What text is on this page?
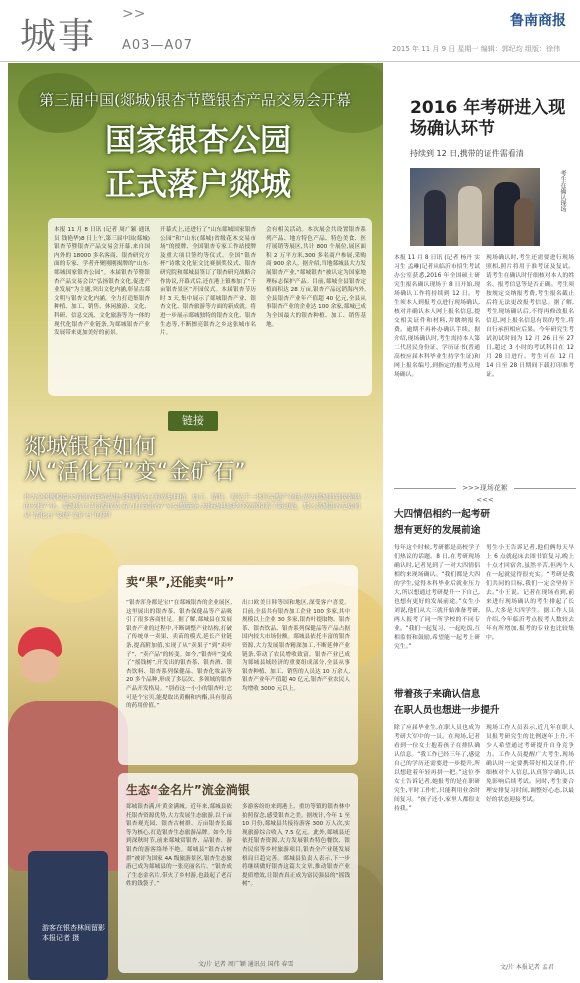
城事
>>
A03—A07
鲁南商报
2015 年 11 月 9 日 星期一 编辑：郭纪均 组版：徐伟
第三届中国(郯城)银杏节暨银杏产品交易会开幕
国家银杏公园
正式落户郯城
本报 11 月 8 日讯 (记者 周广颖 通讯员 钱艳华)8 日上午,第三届中国(郯城)银杏节暨银杏产品交易会开幕,来自国内外的 18000 多名客商、银杏研究方面的专家、学者齐聚刚刚揭牌的“山东·郯城国家银杏公园”。本届银杏节暨银杏产品交易会以“弘扬银杏文化,促进产业发展”为主题,突出文化内涵,彰显古郯文明与银杏文化内涵。全力打造集银杏种植、加工、销售、休闲旅游、文化、科研、信息交流、文化旅游等为一体的现代化银杏产业链条,为郯城银杏产业发展带来更加美好的前景。
开幕式上,还进行了“山东郯城国家银杏公园”和“山东(郯城)省级花木交易市场”的授牌、全国银杏专家工作站授牌及重大项目签约等仪式。全国“银杏杯”诗歌文化征文比赛颁奖仪式、银杏研究院和郯城县签订了银杏研究战略合作协议,开幕式后,还在港上镇参加了“千亩银杏景区”开园仪式。本届银杏节历时 3 天,集中展示了郯城银杏产业、银杏文化、银杏旅游等方面的新成就。将进一步展示郯城独特的银杏文化、银杏生态等,不断擦亮银杏之乡这张城市名片。
会有相关活动。本次展会共设置银杏系列产品、地方特色产品、特色美食、医疗展销等展区,共计 800 个展位,展区面积 2 万平方米,300 多名商户参展,采购商 900 余人。据介绍,当地郯城县大力发展银杏产业,“郯城银杏”被认定为国家地理标志保护产品。目前,郯城全县银杏定植面积达 28 万亩,银杏产品远销海内外,全县银杏产业年产值超 40 亿元,全县从事银杏产业的企业达 100 余家,郯城已成为全国最大的银杏种植、加工、销售基地。
链接
郯城银杏如何
从“活化石”变“金矿石”
作为全国规模最大的银杏种植基地,郯城银杏已形成集种植、加工、销售、观光于一体的完整产业链,成为郯城县富民强县的支柱产业。郯城县立足资源优势,着力打造银杏产业完整链条,为推动县域经济发展积蓄了新动能。那么郯城银杏是如何从“活化石”变成“金矿石”的呢?
卖“果”,还能卖“叶”
“银杏浑身都是宝!”在郯城银杏的企业展区,这里展出的银杏茶、银杏保健品等产品吸引了很多客商驻足。据了解,郯城县在发展银杏产业的过程中,不断调整产业结构,打破了传统单一卖果、卖苗的模式,延长产业链条,提高附加值,实现了从“卖果子”到“卖叶子”、“卖产品”的转变。如今,“银杏叶”变成了“摇钱树”,开发出的银杏茶、银杏酒、银杏饮料、银杏系列保健品、银杏化妆品等 20 多个品种,形成了多层次、多领域的银杏产品开发格局。“别看这一小小的银杏叶,它可是个宝贝,能提取出黄酮和内酯,具有很高的药用价值。”
出口欧美日韩等国和地区,深受客户喜爱。目前,全县共有银杏加工企业 100 多家,其中规模以上企业 30 多家,银杏叶提取物、银杏茶、银杏饮品、银杏系列保健品等产品占据国内较大市场份额。郯城县依托丰富的银杏资源,大力发展银杏精深加工,不断延伸产业链条,带动了农民增收致富。银杏产业已成为郯城县域经济的重要组成部分,全县从事银杏种植、加工、销售的人员达 10 万余人,银杏产业年产值超 40 亿元,银杏产业农民人均增收 3000 元以上。
生态“金名片”流金淌银
郯城银杏满,叶黄金满城。近年来,郯城县依托银杏资源优势,大力发展生态旅游,以千亩银杏观光园、银杏古树群、万亩银杏长廊等为核心,打造银杏生态旅游品牌。如今,每到深秋时节,前来郯城赏银杏、品银杏、游银杏的游客络绎不绝。郯城县“银杏古树群”被评为国家 4A 级旅游景区,银杏生态旅游已成为郯城县的一张亮丽名片。“银杏成了生态金名片,带火了乡村游,也鼓起了老百姓的钱袋子。”
多游客纷纷来到港上、重坊等镇的银杏林中拍照留念,感受银杏之美。据统计,今年 1 至 10 月份,郯城县共接待游客 300 万人次,实现旅游综合收入 7.5 亿元。此外,郯城县还依托银杏资源,大力发展银杏特色餐饮、银杏民宿等乡村旅游项目,银杏全产业链发展格局日趋完善。郯城县负责人表示,下一步将继续做好银杏这篇大文章,推动银杏产业提质增效,让银杏真正成为富民强县的“摇钱树”。
文/片 记者 周广颖 通讯员 国伟 春雪
游客在银杏林间留影 本报记者 摄
2016 年考研进入现场确认环节
持续到 12 日,携带的证件需看清
考生在确认现场
本报 11 月 8 日讯 (记者 杨丹 实习生 孟琳)记者从临沂市招生考试办公室获悉,2016 年全国硕士研究生报名确认现场于 8 日开始,现场确认工作将持续到 12 日。考生须本人到报考点进行现场确认,核对并确认本人网上报名信息,提交相关证件和材料,并缴纳报名费。逾期不再补办确认手续。据介绍,现场确认时,考生需持本人第二代居民身份证、学历证书(普通高校应届本科毕业生持学生证)和网上报名编号,到指定的报考点现场确认。
现场确认时,考生还需要进行现场照相,照片将用于准考证及复试。请考生在确认时仔细核对本人的姓名、报考信息等是否正确。考生须按规定交纳报考费,考生报名截止后将无法更改报考信息。据了解,考生现场确认后,不得再修改报名信息,网上报名信息有误的考生,将自行承担相应后果。今年研究生考试初试时间为 12 月 26 日至 27 日,超过 3 小时的考试科目在 12 月 28 日进行。考生可在 12 月 14 日至 28 日期间下载打印准考证。
>>>现场花絮<<<
大四情侣相约一起考研
想有更好的发展前途
每年这个时候,考研都是高校学子们热议的话题。8 日,在考研现场确认时,记者见到了一对大四情侣相约来现场确认。“我们都是大四的学生,觉得本科毕业后就业压力大,所以想通过考研提升一下自己,也想有更好的发展前途。”女生小刘说,他们从大三就开始准备考研,两人报考了同一所学校的不同专业。“我们一起复习、一起吃饭,互相监督和鼓励,希望能一起考上研究生。”
男生小王告诉记者,他们俩每天早上 6 点就起床去图书馆复习,晚上十点才回宿舍,虽然辛苦,但两个人在一起就觉得很充实。“考研是我们共同的目标,我们一定会坚持下去。”小王说。记者在现场看到,前来进行现场确认的考生排起了长队,大多是大四学生。据工作人员介绍,今年临沂考点报考人数较去年有所增加,报考的专业也比较集中。
带着孩子来确认信息
在职人员也想进一步提升
除了应届毕业生,在职人员也成为考研大军中的一员。在现场,记者看到一位女士抱着孩子在排队确认信息。“我工作已经三年了,感觉自己的学历还需要进一步提升,所以想趁着年轻再拼一把。”这位李女士告诉记者,她报考的是在职研究生,平时工作忙,只能利用业余时间复习。“孩子还小,家里人都很支持我。”
现场工作人员表示,近几年在职人员报考研究生的比例逐年上升,不少人希望通过考研提升自身竞争力。工作人员提醒广大考生,现场确认时一定要携带好相关证件,仔细核对个人信息,认真签字确认,以免影响后续考试。同时,考生要合理安排复习时间,调整好心态,以最好的状态迎接考试。
文/片 本报记者 孟君
